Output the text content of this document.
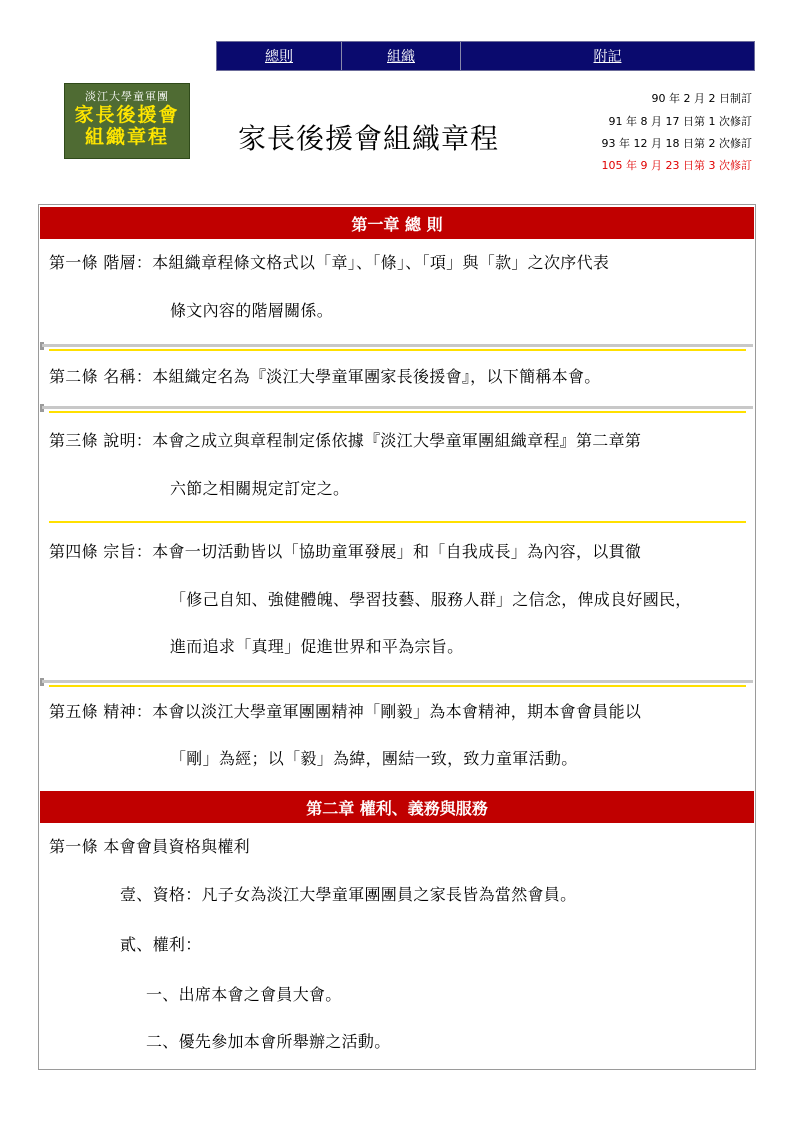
總則	組織	附記
淡江大學童軍團
家長後援會
組織章程	家長後援會組織章程
90 年 2 月 2 日制訂
91 年 8 月 17 日第 1 次修訂
93 年 12 月 18 日第 2 次修訂
105 年 9 月 23 日第 3 次修訂
第一章 總 則
第一條 階層：本組織章程條文格式以「章」、「條」、「項」與「款」之次序代表
條文內容的階層關係。
第二條 名稱：本組織定名為『淡江大學童軍團家長後援會』，以下簡稱本會。
第三條 說明：本會之成立與章程制定係依據『淡江大學童軍團組織章程』第二章第
六節之相關規定訂定之。
第四條 宗旨：本會一切活動皆以「協助童軍發展」和「自我成長」為內容，以貫徹
「修己自知、強健體魄、學習技藝、服務人群」之信念，俾成良好國民，
進而追求「真理」促進世界和平為宗旨。
第五條 精神：本會以淡江大學童軍團團精神「剛毅」為本會精神，期本會會員能以
「剛」為經；以「毅」為緯，團結一致，致力童軍活動。
第二章 權利、義務與服務
第一條 本會會員資格與權利
壹、資格：凡子女為淡江大學童軍團團員之家長皆為當然會員。
貳、權利：
一、出席本會之會員大會。
二、優先參加本會所舉辦之活動。
